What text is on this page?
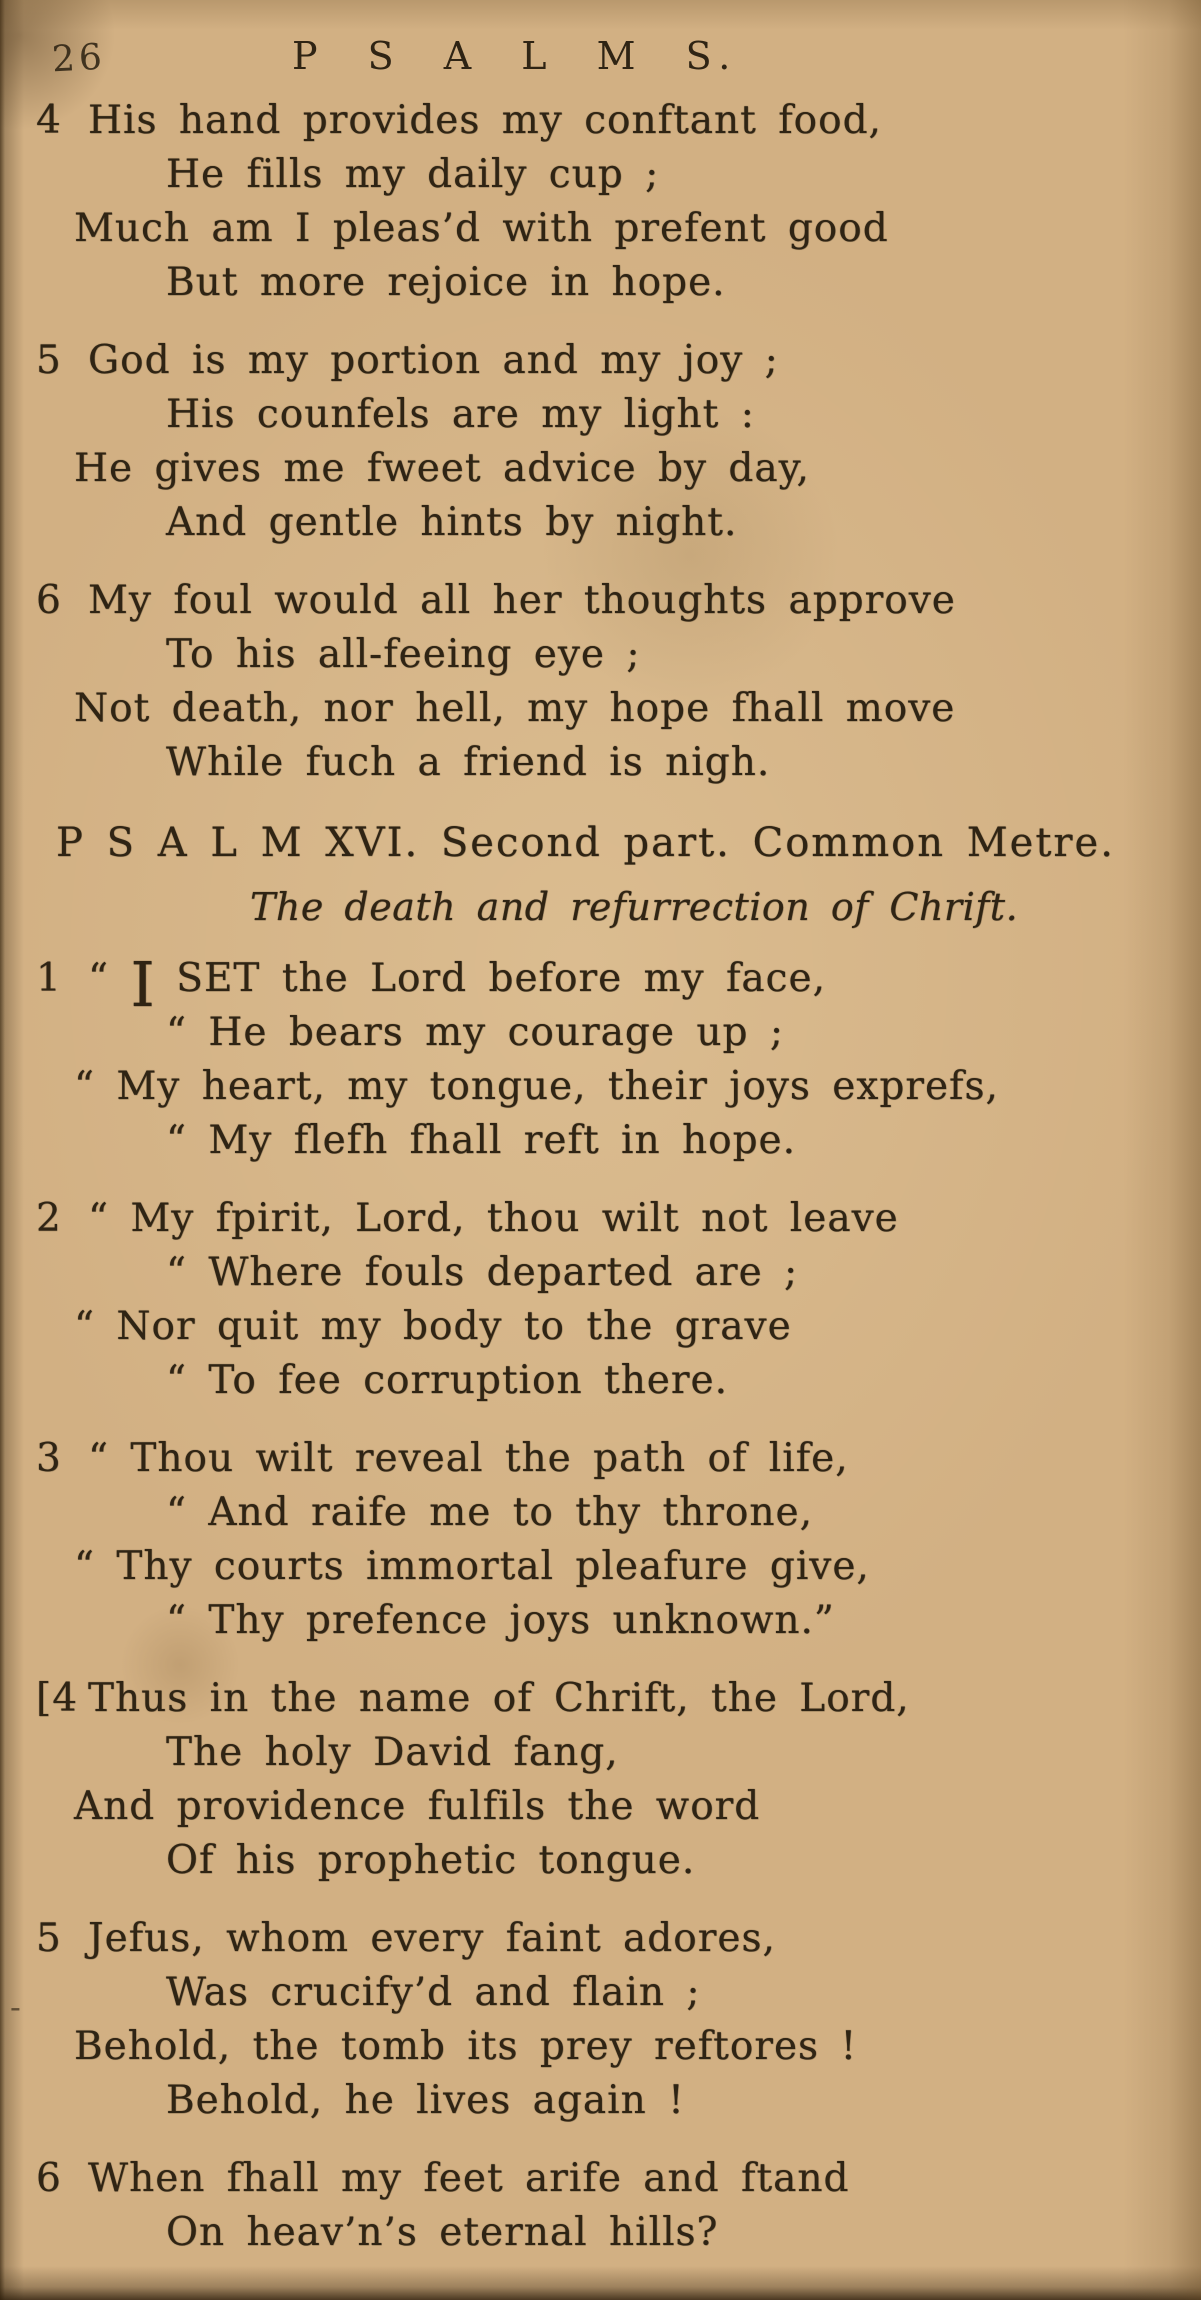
26	P S A L M S.
-
4 His hand provides my conftant food,
He fills my daily cup ;
Much am I pleas’d with prefent good
But more rejoice in hope.
5 God is my portion and my joy ;
His counfels are my light :
He gives me fweet advice by day,
And gentle hints by night.
6 My foul would all her thoughts approve
To his all-feeing eye ;
Not death, nor hell, my hope fhall move
While fuch a friend is nigh.
P S A L M XVI. Second part. Common Metre.
The death and refurrection of Chrift.
1 “ I SET the Lord before my face,
“ He bears my courage up ;
“ My heart, my tongue, their joys exprefs,
“ My flefh fhall reft in hope.
2 “ My fpirit, Lord, thou wilt not leave
“ Where fouls departed are ;
“ Nor quit my body to the grave
“ To fee corruption there.
3 “ Thou wilt reveal the path of life,
“ And raife me to thy throne,
“ Thy courts immortal pleafure give,
“ Thy prefence joys unknown.”
[4 Thus in the name of Chrift, the Lord,
The holy David fang,
And providence fulfils the word
Of his prophetic tongue.
5 Jefus, whom every faint adores,
Was crucify’d and flain ;
Behold, the tomb its prey reftores !
Behold, he lives again !
6 When fhall my feet arife and ftand
On heav’n’s eternal hills?
